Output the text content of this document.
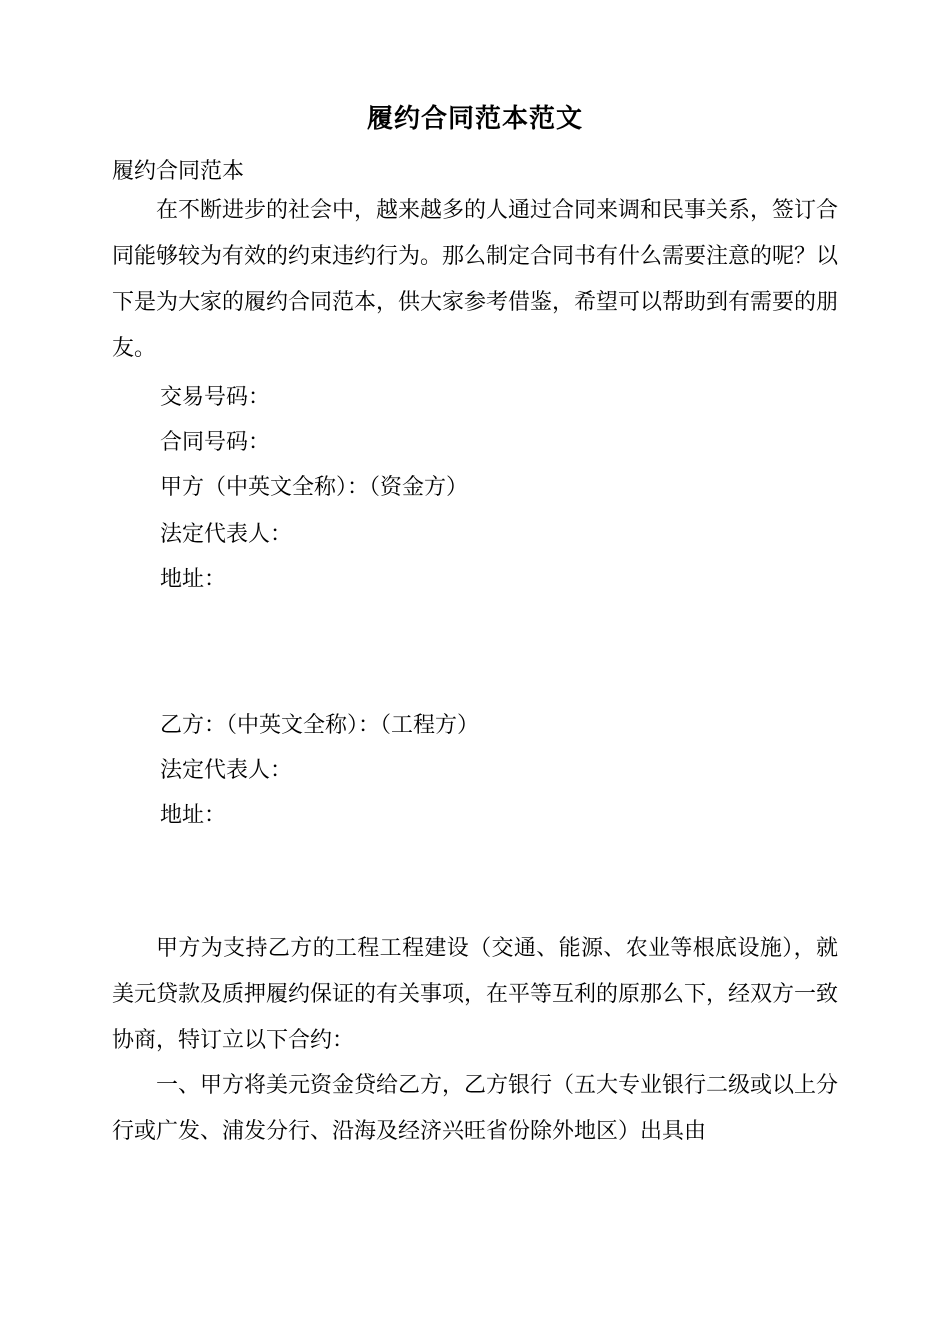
履约合同范本范文
履约合同范本

在不断进步的社会中，越来越多的人通过合同来调和民事关系，签订合同能够较为有效的约束违约行为。那么制定合同书有什么需要注意的呢？以下是为大家的履约合同范本，供大家参考借鉴，希望可以帮助到有需要的朋友。

交易号码：
合同号码：
甲方（中英文全称）：（资金方）
法定代表人：
地址：
乙方：（中英文全称）：（工程方）
法定代表人：
地址：

甲方为支持乙方的工程工程建设（交通、能源、农业等根底设施），就美元贷款及质押履约保证的有关事项，在平等互利的原那么下，经双方一致协商，特订立以下合约：

一、甲方将美元资金贷给乙方，乙方银行（五大专业银行二级或以上分行或广发、浦发分行、沿海及经济兴旺省份除外地区）出具由
